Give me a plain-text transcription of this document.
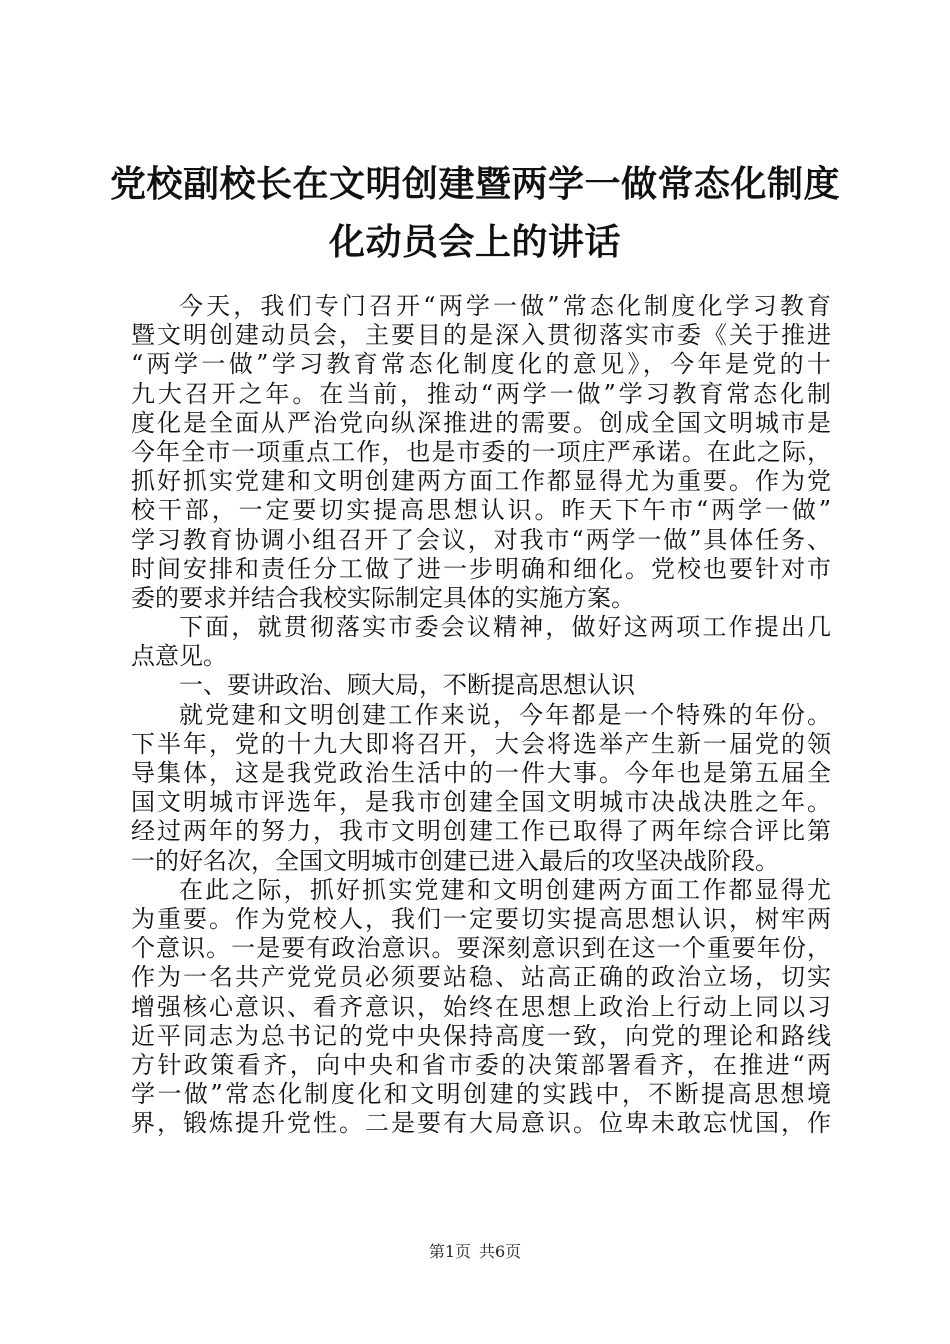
党校副校长在文明创建暨两学一做常态化制度
化动员会上的讲话
今天，我们专门召开“两学一做”常态化制度化学习教育
暨文明创建动员会，主要目的是深入贯彻落实市委《关于推进
“两学一做”学习教育常态化制度化的意见》，今年是党的十
九大召开之年。在当前，推动“两学一做”学习教育常态化制
度化是全面从严治党向纵深推进的需要。创成全国文明城市是
今年全市一项重点工作，也是市委的一项庄严承诺。在此之际，
抓好抓实党建和文明创建两方面工作都显得尤为重要。作为党
校干部，一定要切实提高思想认识。昨天下午市“两学一做”
学习教育协调小组召开了会议，对我市“两学一做”具体任务、
时间安排和责任分工做了进一步明确和细化。党校也要针对市
委的要求并结合我校实际制定具体的实施方案。
下面，就贯彻落实市委会议精神，做好这两项工作提出几
点意见。
一、要讲政治、顾大局，不断提高思想认识
就党建和文明创建工作来说，今年都是一个特殊的年份。
下半年，党的十九大即将召开，大会将选举产生新一届党的领
导集体，这是我党政治生活中的一件大事。今年也是第五届全
国文明城市评选年，是我市创建全国文明城市决战决胜之年。
经过两年的努力，我市文明创建工作已取得了两年综合评比第
一的好名次，全国文明城市创建已进入最后的攻坚决战阶段。
在此之际，抓好抓实党建和文明创建两方面工作都显得尤
为重要。作为党校人，我们一定要切实提高思想认识，树牢两
个意识。一是要有政治意识。要深刻意识到在这一个重要年份，
作为一名共产党党员必须要站稳、站高正确的政治立场，切实
增强核心意识、看齐意识，始终在思想上政治上行动上同以习
近平同志为总书记的党中央保持高度一致，向党的理论和路线
方针政策看齐，向中央和省市委的决策部署看齐，在推进“两
学一做”常态化制度化和文明创建的实践中，不断提高思想境
界，锻炼提升党性。二是要有大局意识。位卑未敢忘忧国，作
第1页 共6页
